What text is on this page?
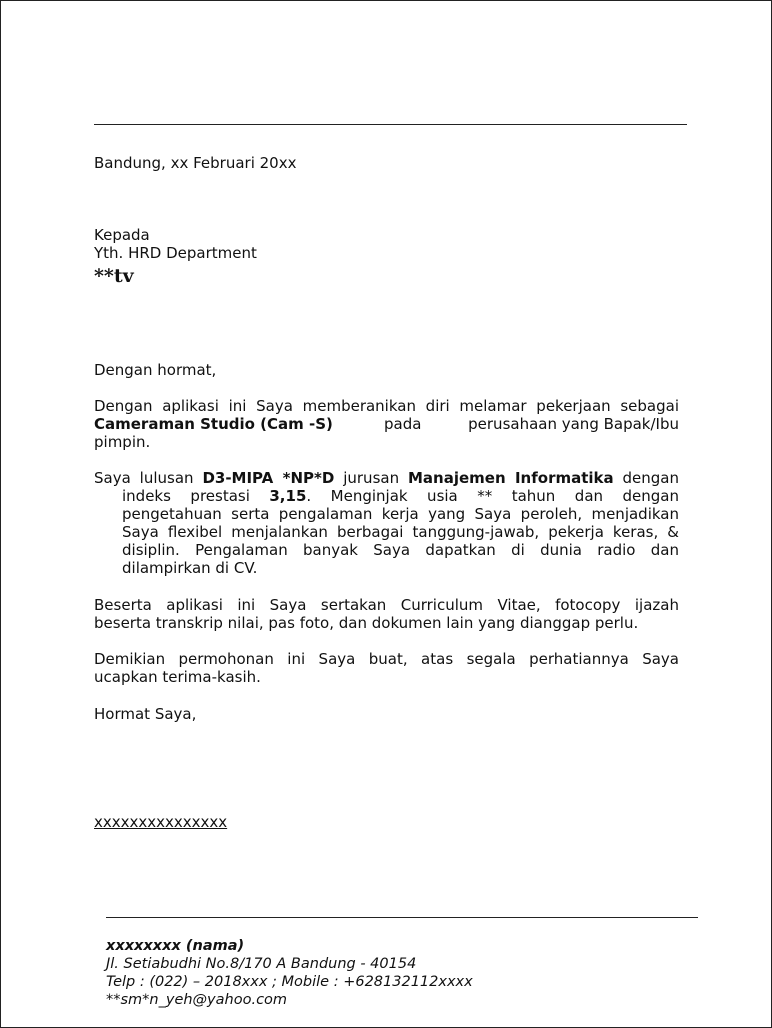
Bandung, xx Februari 20xx
Kepada
Yth. HRD Department
**tv
Dengan hormat,
Dengan aplikasi ini Saya memberanikan diri melamar pekerjaan sebagai
Cameraman Studio (Cam -S)	pada	perusahaan yang Bapak/Ibu
pimpin.
Saya lulusan D3-MIPA *NP*D jurusan Manajemen Informatika dengan
indeks prestasi 3,15. Menginjak usia ** tahun dan dengan
pengetahuan serta pengalaman kerja yang Saya peroleh, menjadikan
Saya flexibel menjalankan berbagai tanggung-jawab, pekerja keras, &
disiplin. Pengalaman banyak Saya dapatkan di dunia radio dan
dilampirkan di CV.
Beserta aplikasi ini Saya sertakan Curriculum Vitae, fotocopy ijazah
beserta transkrip nilai, pas foto, dan dokumen lain yang dianggap perlu.
Demikian permohonan ini Saya buat, atas segala perhatiannya Saya
ucapkan terima-kasih.
Hormat Saya,
xxxxxxxxxxxxxxx
xxxxxxxx (nama)
Jl. Setiabudhi No.8/170 A Bandung - 40154
Telp : (022) – 2018xxx ; Mobile : +628132112xxxx
**sm*n_yeh@yahoo.com
